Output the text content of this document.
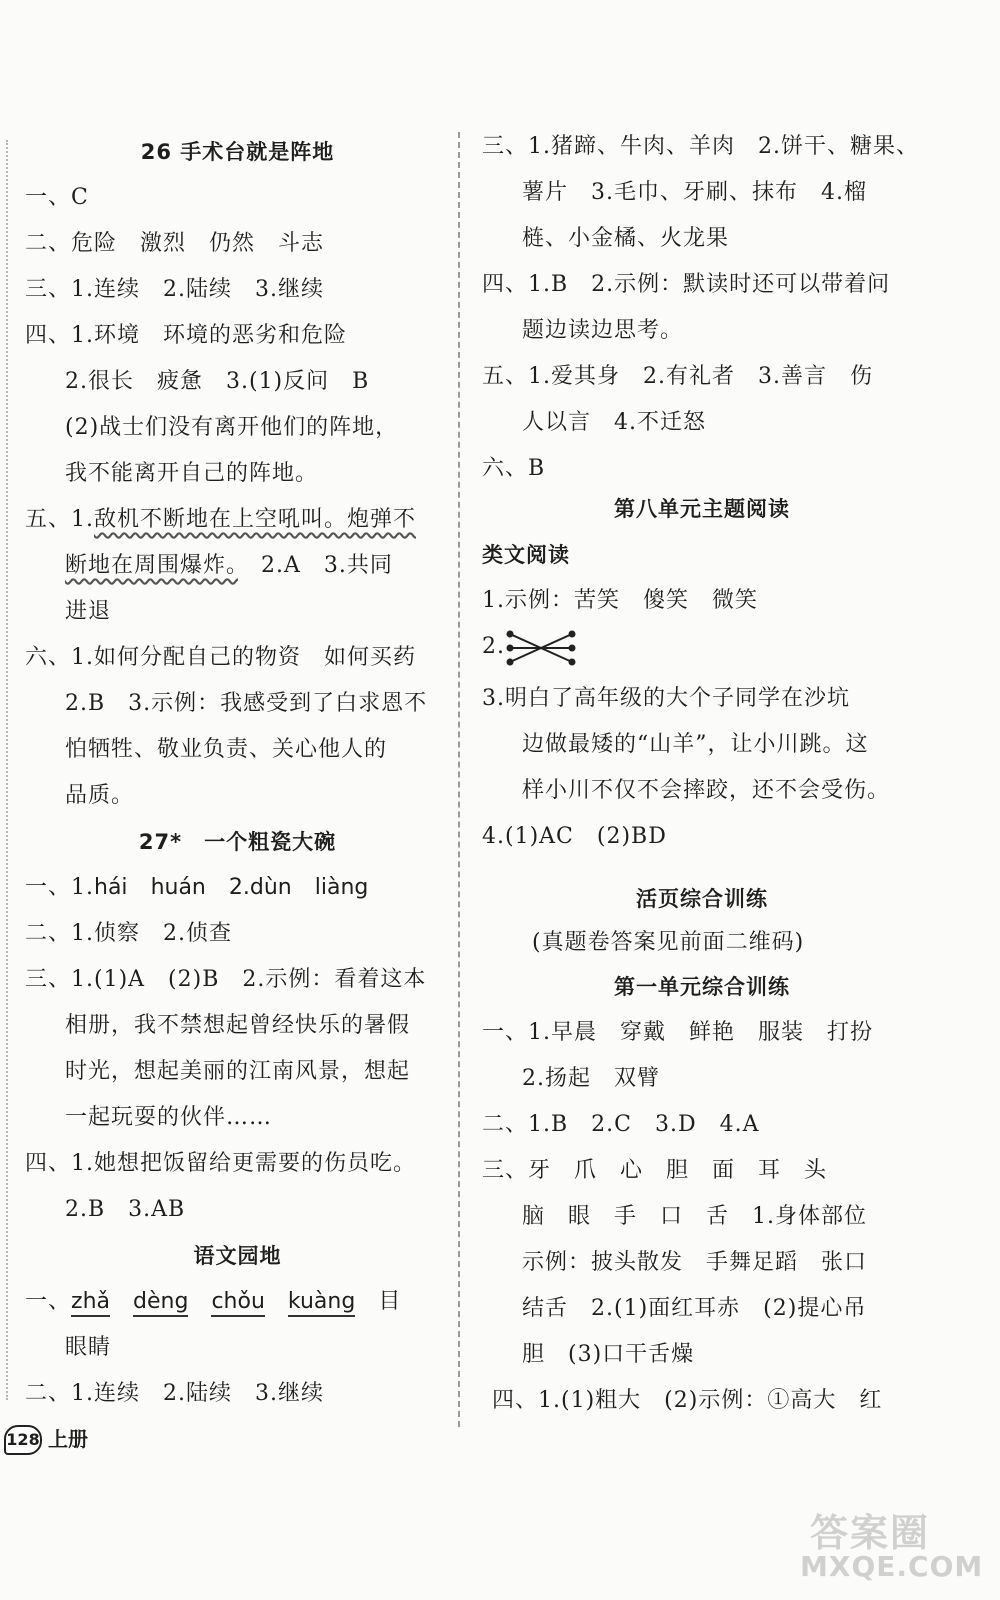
26 手术台就是阵地
一、C
二、危险　激烈　仍然　斗志
三、1.连续　2.陆续　3.继续
四、1.环境　环境的恶劣和危险
2.很长　疲惫　3.(1)反问　B
(2)战士们没有离开他们的阵地，
我不能离开自己的阵地。
五、1.敌机不断地在上空吼叫。炮弹不
断地在周围爆炸。　2.A　3.共同
进退
六、1.如何分配自己的物资　如何买药
2.B　3.示例：我感受到了白求恩不
怕牺牲、敬业负责、关心他人的
品质。
27*　一个粗瓷大碗
一、1.hái　 huán　 2.dùn　 liàng
二、1.侦察　2.侦查
三、1.(1)A　(2)B　2.示例：看着这本
相册，我不禁想起曾经快乐的暑假
时光，想起美丽的江南风景，想起
一起玩耍的伙伴……
四、1.她想把饭留给更需要的伤员吃。
2.B　3.AB
语文园地
一、zhǎ　 dèng　 chǒu　 kuàng　 目
眼睛
二、1.连续　2.陆续　3.继续
三、1.猪蹄、牛肉、羊肉　2.饼干、糖果、
薯片　3.毛巾、牙刷、抹布　4.榴
梿、小金橘、火龙果
四、1.B　2.示例：默读时还可以带着问
题边读边思考。
五、1.爱其身　2.有礼者　3.善言　伤
人以言　4.不迁怒
六、B
第八单元主题阅读
类文阅读
1.示例：苦笑　傻笑　微笑
2.
3.明白了高年级的大个子同学在沙坑
边做最矮的“山羊”，让小川跳。这
样小川不仅不会摔跤，还不会受伤。
4.(1)AC　(2)BD
活页综合训练
(真题卷答案见前面二维码)
第一单元综合训练
一、1.早晨　穿戴　鲜艳　服装　打扮
2.扬起　双臂
二、1.B　2.C　3.D　4.A
三、牙　爪　心　胆　面　耳　头
脑　眼　手　口　舌　1.身体部位
示例：披头散发　手舞足蹈　张口
结舌　2.(1)面红耳赤　(2)提心吊
胆　(3)口干舌燥
四、1.(1)粗大　(2)示例：①高大　红
128 上册
答案圈
MXQE.COM
